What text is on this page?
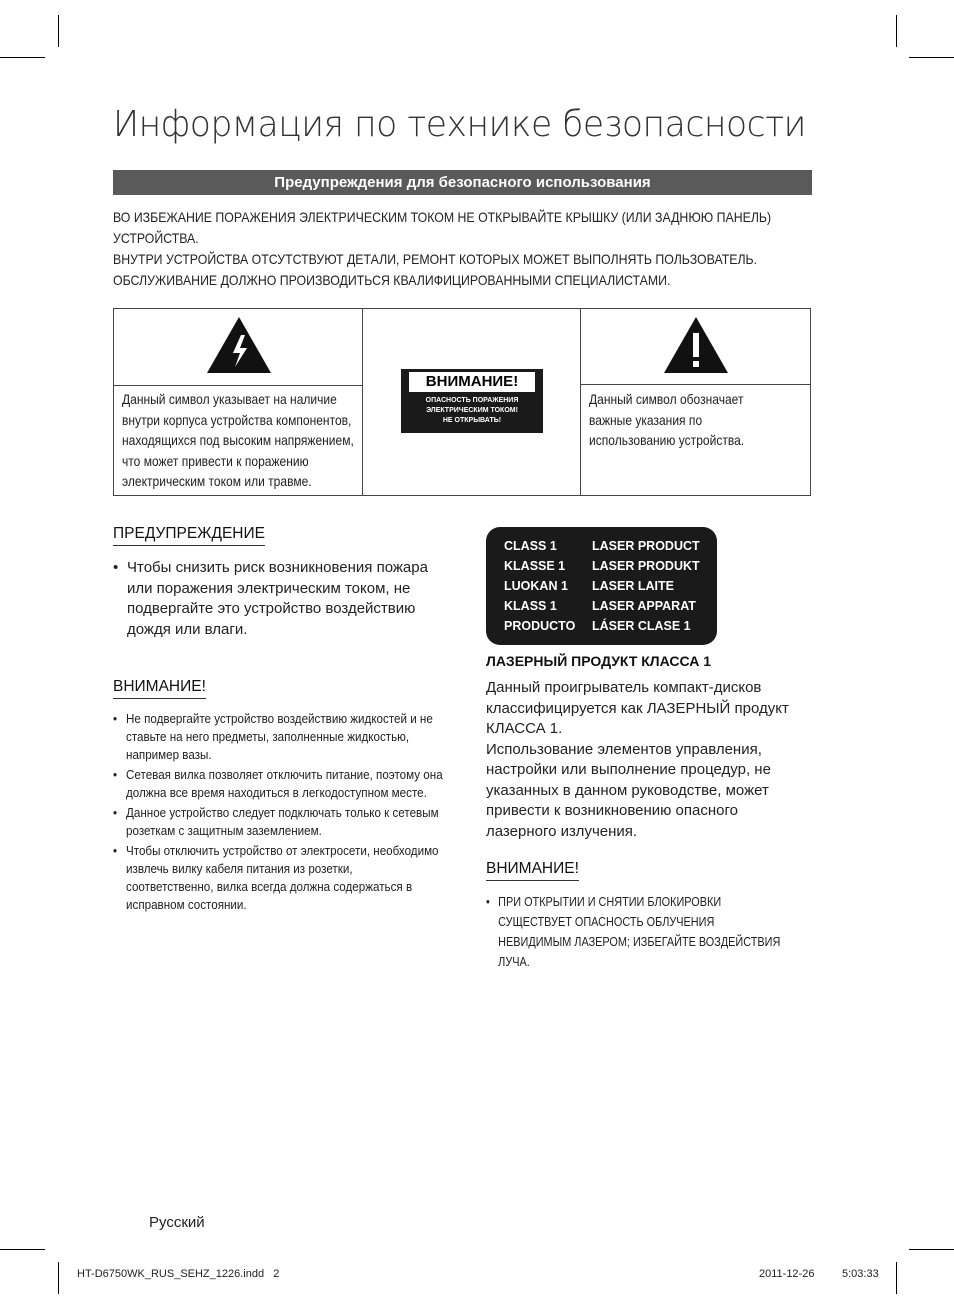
Информация по технике безопасности
Предупреждения для безопасного использования

ВО ИЗБЕЖАНИЕ ПОРАЖЕНИЯ ЭЛЕКТРИЧЕСКИМ ТОКОМ НЕ ОТКРЫВАЙТЕ КРЫШКУ (ИЛИ ЗАДНЮЮ ПАНЕЛЬ)

УСТРОЙСТВА.

ВНУТРИ УСТРОЙСТВА ОТСУТСТВУЮТ ДЕТАЛИ, РЕМОНТ КОТОРЫХ МОЖЕТ ВЫПОЛНЯТЬ ПОЛЬЗОВАТЕЛЬ.

ОБСЛУЖИВАНИЕ ДОЛЖНО ПРОИЗВОДИТЬСЯ КВАЛИФИЦИРОВАННЫМИ СПЕЦИАЛИСТАМИ.

Данный символ указывает на наличие
внутри корпуса устройства компонентов,
находящихся под высоким напряжением,
что может привести к поражению
электрическим током или травме.
ВНИМАНИЕ!
ОПАСНОСТЬ ПОРАЖЕНИЯ
ЭЛЕКТРИЧЕСКИМ ТОКОМ!
НЕ ОТКРЫВАТЬ!
Данный символ обозначает
важные указания по
использованию устройства.
ПРЕДУПРЕЖДЕНИЕ
• Чтобы снизить риск возникновения пожара или поражения электрическим током, не подвергайте это устройство воздействию дождя или влаги.
ВНИМАНИЕ!
• Не подвергайте устройство воздействию жидкостей и не ставьте на него предметы, заполненные жидкостью, например вазы.
• Сетевая вилка позволяет отключить питание, поэтому она должна все время находиться в легкодоступном месте.
• Данное устройство следует подключать только к сетевым розеткам с защитным заземлением.
• Чтобы отключить устройство от электросети, необходимо извлечь вилку кабеля питания из розетки, соответственно, вилка всегда должна содержаться в исправном состоянии.
CLASS 1	LASER PRODUCT
KLASSE 1 LASER PRODUKT
LUOKAN 1 LASER LAITE
KLASS 1	LASER APPARAT
PRODUCTO LÁSER CLASE 1
ЛАЗЕРНЫЙ ПРОДУКТ КЛАССА 1
Данный проигрыватель компакт-дисков
классифицируется как ЛАЗЕРНЫЙ продукт
КЛАССА 1.
Использование элементов управления,
настройки или выполнение процедур, не
указанных в данном руководстве, может
привести к возникновению опасного
лазерного излучения.
ВНИМАНИЕ!
• ПРИ ОТКРЫТИИ И СНЯТИИ БЛОКИРОВКИ СУЩЕСТВУЕТ ОПАСНОСТЬ ОБЛУЧЕНИЯ НЕВИДИМЫМ ЛАЗЕРОМ; ИЗБЕГАЙТЕ ВОЗДЕЙСТВИЯ ЛУЧА.
Русский
HT-D6750WK_RUS_SEHZ_1226.indd   2	2011-12-26	5:03:33
